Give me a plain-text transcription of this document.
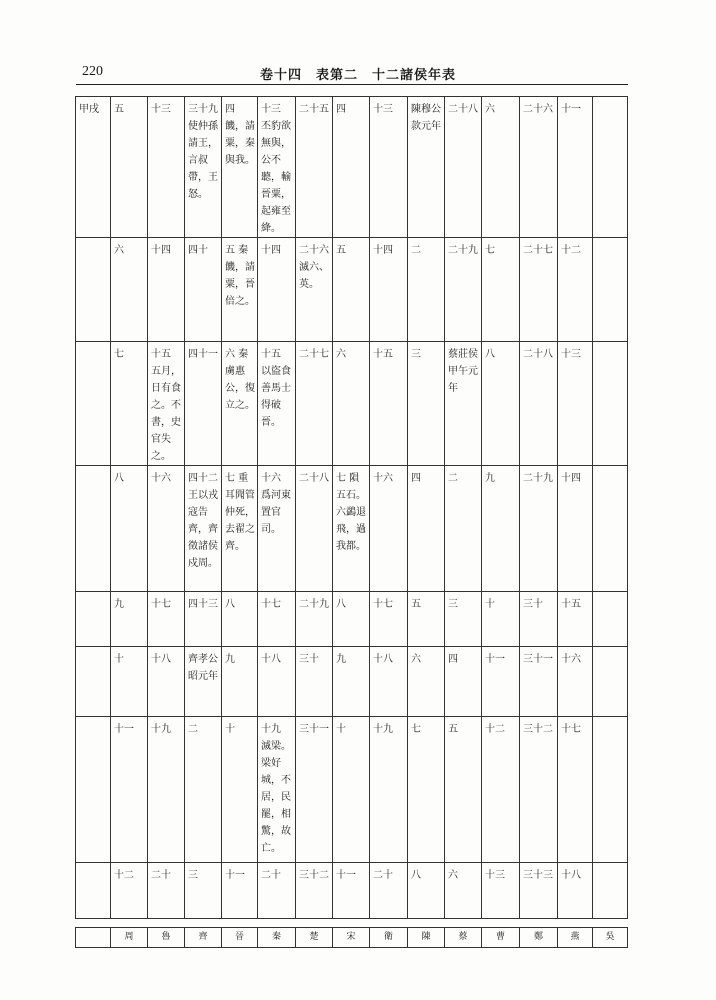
220	卷十四　表第二　十二諸侯年表
甲戌	五	十三	三十九 使仲孫請王，言叔帶，王怒。	四 饑，請粟，秦與我。	十三 丕豹欲無與，公不聽，輸晉粟，起雍至絳。	二十五	四	十三	陳穆公款元年	二十八	六	二十六	十一	
	六	十四	四十	五 秦饑，請粟，晉倍之。	十四	二十六 滅六、英。	五	十四	二	二十九	七	二十七	十二	
	七	十五 五月，日有食之。不書，史官失之。	四十一	六 秦虜惠公，復立之。	十五 以盜食善馬士得破晉。	二十七	六	十五	三	蔡莊侯甲午元年	八	二十八	十三	
	八	十六	四十二 王以戎寇告齊，齊徵諸侯戍周。	七 重耳聞管仲死，去翟之齊。	十六 爲河東置官司。	二十八	七 隕五石。六鷁退飛，過我都。	十六	四	二	九	二十九	十四	
	九	十七	四十三	八	十七	二十九	八	十七	五	三	十	三十	十五	
	十	十八	齊孝公昭元年	九	十八	三十	九	十八	六	四	十一	三十一	十六	
	十一	十九	二	十	十九 滅梁。梁好城，不居，民罷，相驚，故亡。	三十一	十	十九	七	五	十二	三十二	十七	
	十二	二十	三	十一	二十	三十二	十一	二十	八	六	十三	三十三	十八	

	周	魯	齊	晉	秦	楚	宋	衛	陳	蔡	曹	鄭	燕	吳
